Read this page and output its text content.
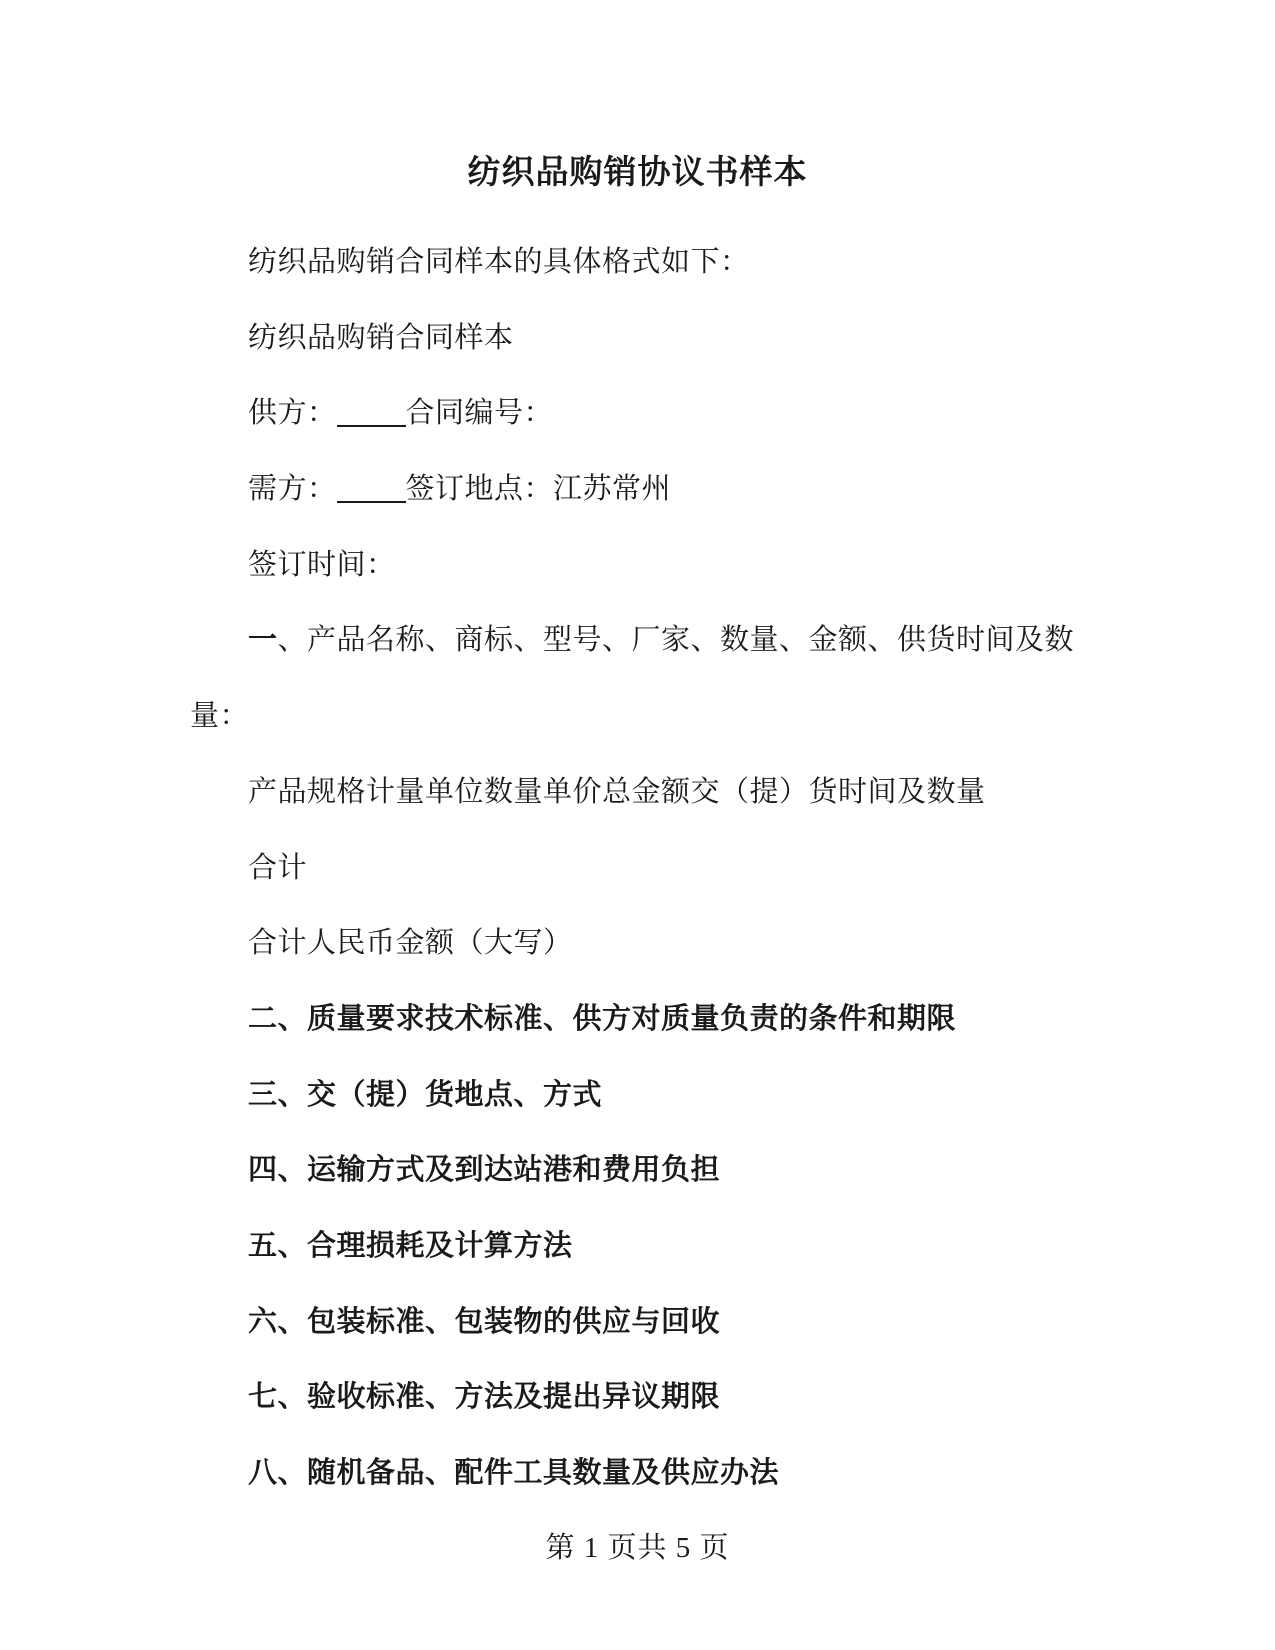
纺织品购销协议书样本
纺织品购销合同样本的具体格式如下：
纺织品购销合同样本
供方： 合同编号：
需方： 签订地点：江苏常州
签订时间：
一、产品名称、商标、型号、厂家、数量、金额、供货时间及数
量：
产品规格计量单位数量单价总金额交（提）货时间及数量
合计
合计人民币金额（大写）
二、质量要求技术标准、供方对质量负责的条件和期限
三、交（提）货地点、方式
四、运输方式及到达站港和费用负担
五、合理损耗及计算方法
六、包装标准、包装物的供应与回收
七、验收标准、方法及提出异议期限
八、随机备品、配件工具数量及供应办法
第 1 页共 5 页
